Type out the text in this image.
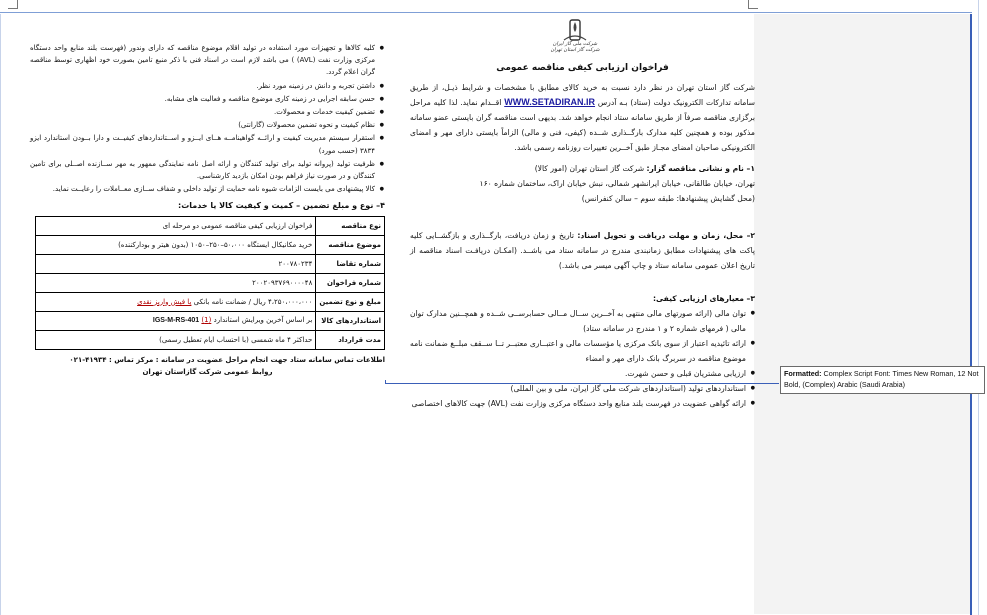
شرکت ملی گاز ایران
شرکت گاز استان تهران
فراخوان ارزیابی کیفی مناقصه عمومی

شرکت گاز استان تهران در نظر دارد نسبت به خرید کالای مطابق با مشخصات و شرایط ذیـل، از طریق سامانه تدارکات الکترونیک دولت (ستاد) بـه آدرس WWW.SETADIRAN.IR اقــدام نماید. لذا کلیه مراحل برگزاری مناقصه صرفاً از طریق سامانه ستاد انجام خواهد شد. بدیهی است مناقصه گران بایستی عضو سامانه مذکور بوده و همچنین کلیه مدارک بارگــذاری شــده (کیفی، فنی و مالی) الزاماً بایستی دارای مهر و امضای الکترونیکی صاحبان امضای مجـاز طبق آخــرین تغییرات روزنامه رسمی باشد.

۱– نام و نشانی مناقصه گزار: شرکت گاز استان تهران (امور کالا)

تهران، خیابان طالقانی، خیابان ایرانشهر شمالی، نبش خیابان اراک، ساختمان شماره ۱۶۰

(محل گشایش پیشنهادها: طبقه سوم – سالن کنفرانس)

۲– محل، زمان و مهلت دریافت و تحویل اسناد: تاریخ و زمان دریافت، بارگــذاری و بازگشــایی کلیه پاکت های پیشنهادات مطابق زمانبندی مندرج در سامانه ستاد می باشــد. (امکـان دریافـت اسناد مناقصه از تاریخ اعلان عمومی سامانه ستاد و چاپ آگهی میسر می باشد.)

۳– معیارهای ارزیابی کیفی:

● توان مالی (ارائه صورتهای مالی منتهی به آخــرین ســال مــالی حسابرســی شــده و همچــنین مدارک توان مالی ( فرمهای شماره ۲ و ۱ مندرج در سامانه ستاد)
● ارائه تائیدیه اعتبار از سوی بانک مرکزی یا مؤسسات مالی و اعتبــاری معتبــر تــا ســقف مبلــغ ضمانت نامه موضوع مناقصه در سربرگ بانک دارای مهر و امضاء
● ارزیابی مشتریان قبلی و حسن شهرت.
● استانداردهای تولید (استانداردهای شرکت ملی گاز ایران، ملی و بین المللی)
● ارائه گواهی عضویت در فهرست بلند منابع واحد دستگاه مرکزی وزارت نفت (AVL) جهت کالاهای اختصاصی
● کلیه کالاها و تجهیزات مورد استفاده در تولید اقلام موضوع مناقصه که دارای وندور (فهرست بلند منابع واحد دستگاه مرکزی وزارت نفت (AVL) ) می باشد لازم است در اسناد فنی با ذکر منبع تامین بصورت خود اظهاری توسط مناقصه گران اعلام گردد.
● داشتن تجربه و دانش در زمینه مورد نظر.
● حسن سابقه اجرایی در زمینه کاری موضوع مناقصه و فعالیت های مشابه.
● تضمین کیفیت خدمات و محصولات.
● نظام کیفیت و نحوه تضمین محصولات (گارانتی)
● استقرار سیستم مدیریت کیفیت و ارائــه گواهینامــه هــای ایــزو و اســتانداردهای کیفیــت و دارا بــودن استاندارد ایزو ۳۸۳۴ (حسب مورد)
● ظرفیت تولید (پروانه تولید برای تولید کنندگان و ارائه اصل نامه نمایندگی ممهور به مهر ســازنده اصــلی برای تامین کنندگان و در صورت نیاز فراهم بودن امکان بازدید کارشناسی.
● کالا پیشنهادی می بایست الزامات شیوه نامه حمایت از تولید داخلی و شفاف ســازی معــاملات را رعایــت نماید.
۴– نوع و مبلغ تضمین – کمیت و کیفیت کالا یا خدمات:
نوع مناقصه	فراخوان ارزیابی کیفی مناقصه عمومی دو مرحله ای
موضوع مناقصه	خرید مکانیکال ایستگاه ۵۰،۰۰۰–۲۵۰–۱۰۵۰ (بدون هیتر و بودارکننده)
شماره تقاضا	۲۰۰۷۸۰۲۳۴
شماره فراخوان	۲۰۰۲۰۹۳۷۶۹۰۰۰۰۴۸
مبلغ و نوع تضمین	۴،۲۵۰،۰۰۰،۰۰۰ ریال / ضمانت نامه بانکی یا فیش واریز نقدی
استانداردهای کالا	بر اساس آخرین ویرایش استاندارد (1) IGS-M-RS-401
مدت قرارداد	حداکثر ۴ ماه شمسی (با احتساب ایام تعطیل رسمی)
اطلاعات تماس سامانه ستاد جهت انجام مراحل عضویت در سامانه : مرکز تماس : ۴۱۹۳۴-۰۲۱
روابط عمومی شرکت گازاستان تهران	Formatted: Complex Script Font: Times New Roman, 12 Not Bold, (Complex) Arabic (Saudi Arabia)
